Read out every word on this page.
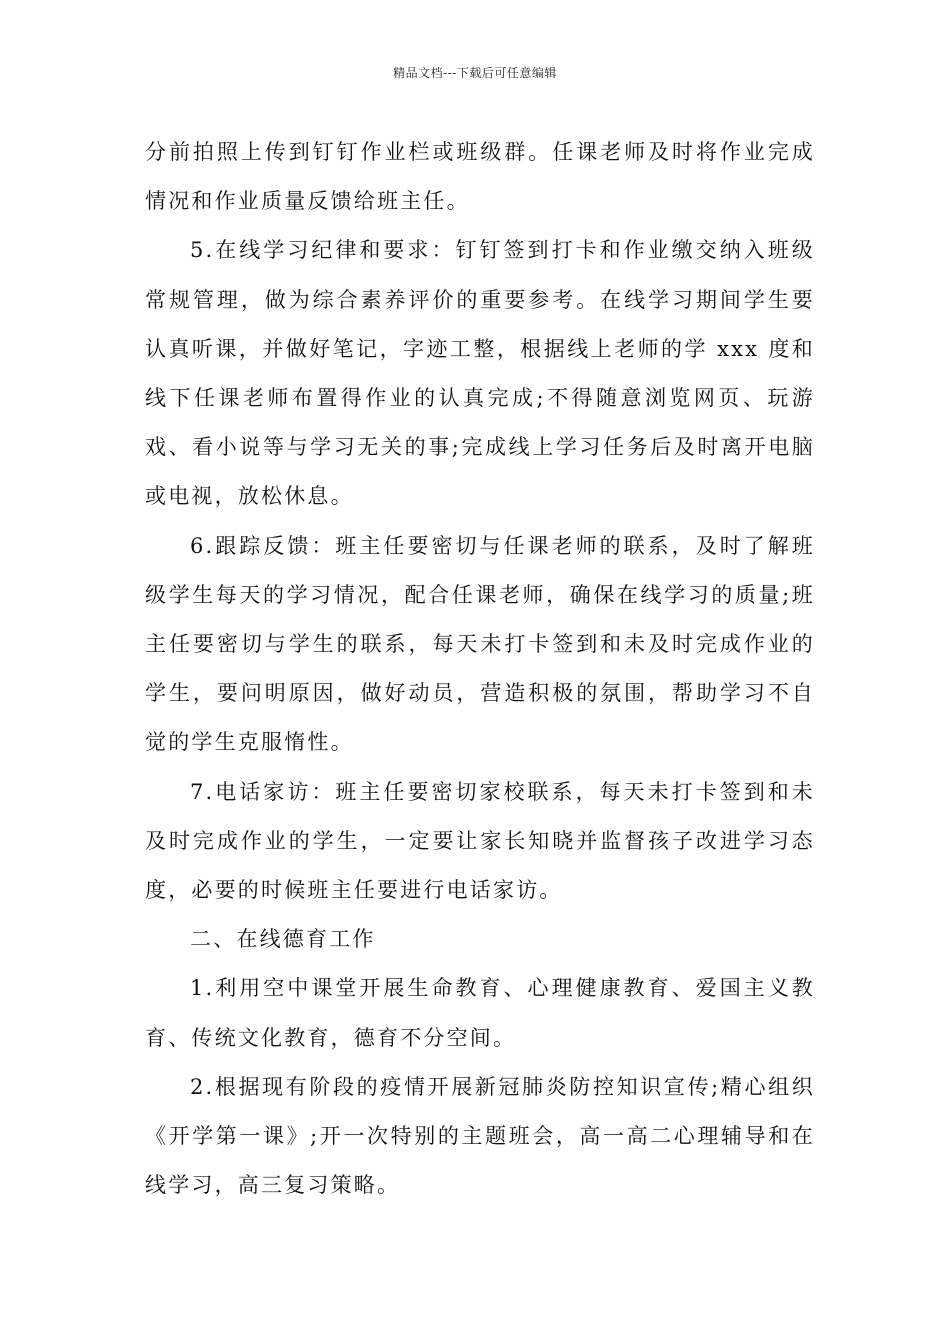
精品文档---下载后可任意编辑

分前拍照上传到钉钉作业栏或班级群。任课老师及时将作业完成情况和作业质量反馈给班主任。

5.在线学习纪律和要求：钉钉签到打卡和作业缴交纳入班级常规管理，做为综合素养评价的重要参考。在线学习期间学生要认真听课，并做好笔记，字迹工整，根据线上老师的学 xxx 度和线下任课老师布置得作业的认真完成;不得随意浏览网页、玩游戏、看小说等与学习无关的事;完成线上学习任务后及时离开电脑或电视，放松休息。

6.跟踪反馈：班主任要密切与任课老师的联系，及时了解班级学生每天的学习情况，配合任课老师，确保在线学习的质量;班主任要密切与学生的联系，每天未打卡签到和未及时完成作业的学生，要问明原因，做好动员，营造积极的氛围，帮助学习不自觉的学生克服惰性。

7.电话家访：班主任要密切家校联系，每天未打卡签到和未及时完成作业的学生，一定要让家长知晓并监督孩子改进学习态度，必要的时候班主任要进行电话家访。

二、在线德育工作

1.利用空中课堂开展生命教育、心理健康教育、爱国主义教育、传统文化教育，德育不分空间。

2.根据现有阶段的疫情开展新冠肺炎防控知识宣传;精心组织《开学第一课》;开一次特别的主题班会，高一高二心理辅导和在线学习，高三复习策略。
